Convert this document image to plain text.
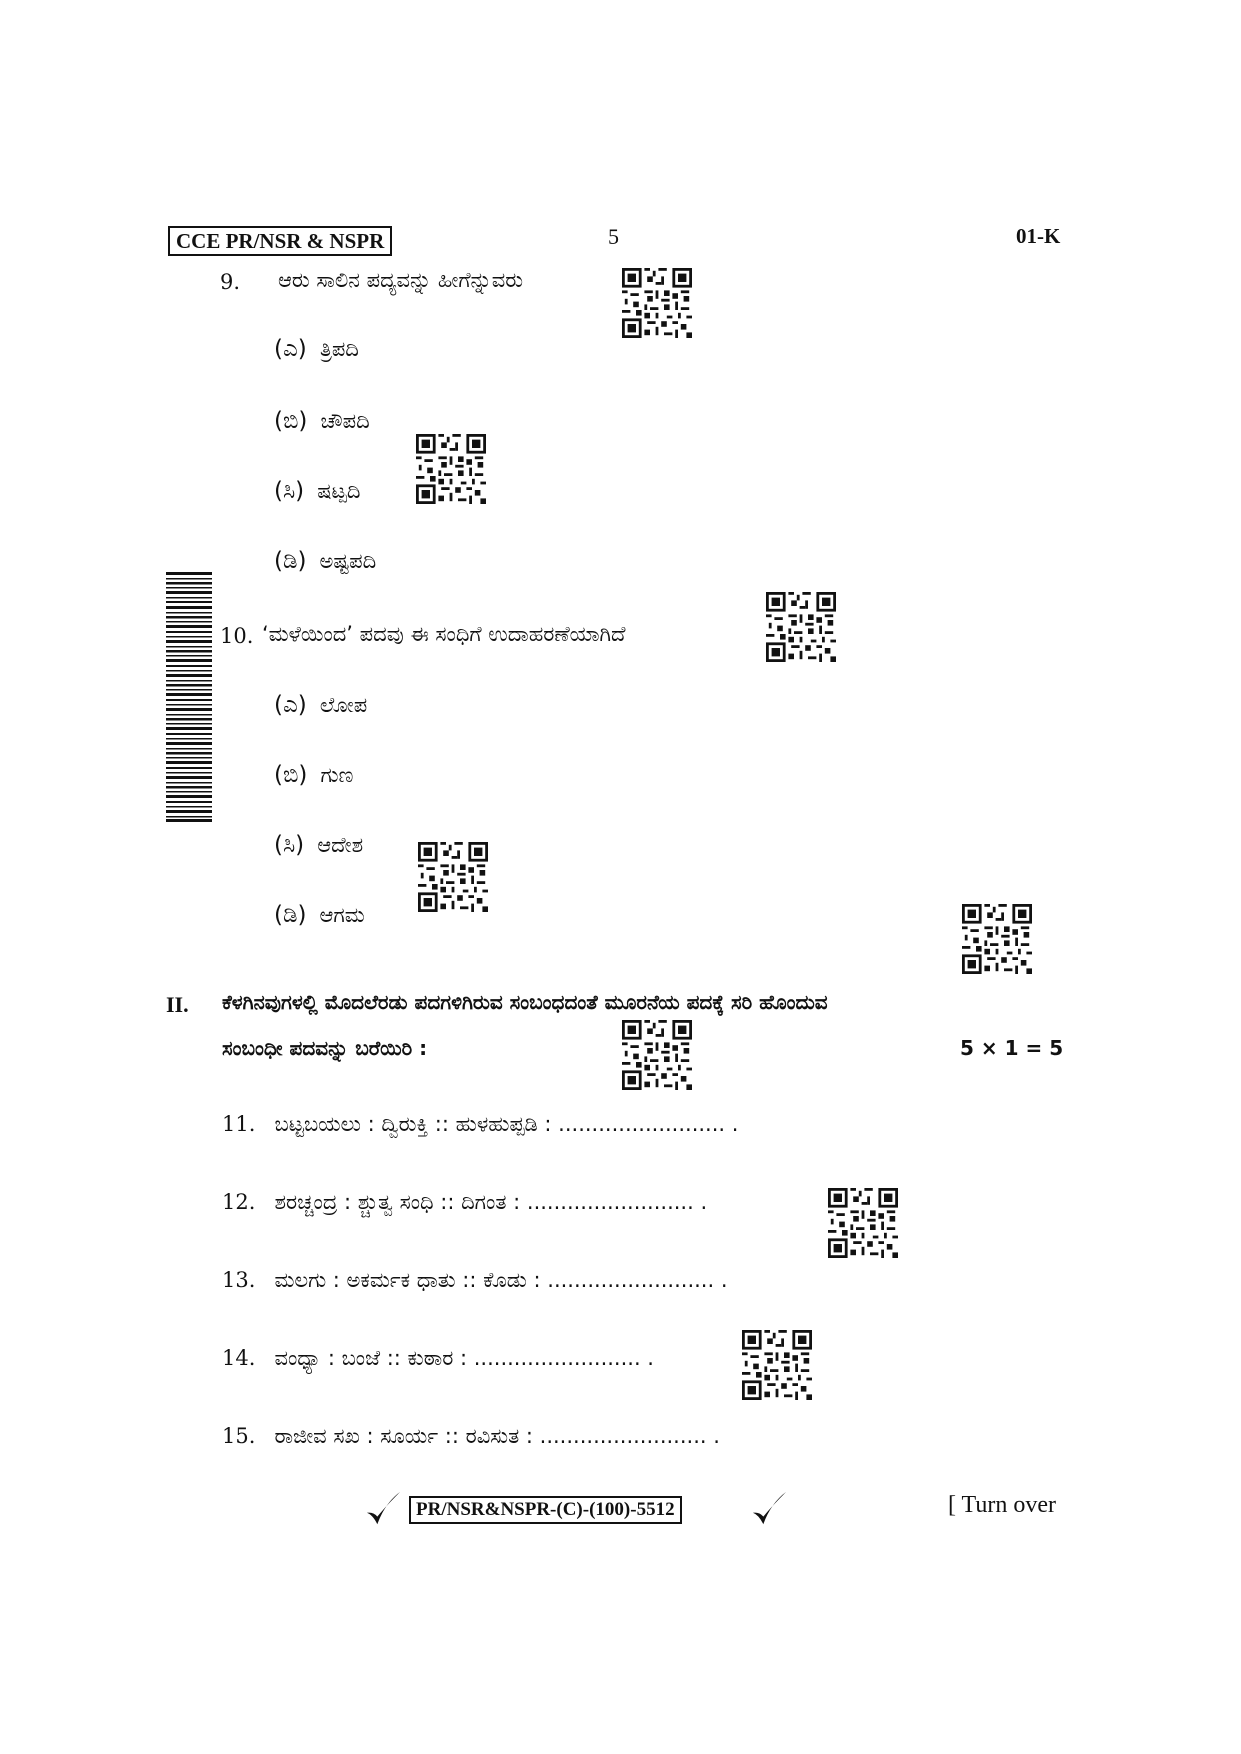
CCE PR/NSR & NSPR	5	01-K
9. ಆರು ಸಾಲಿನ ಪದ್ಯವನ್ನು ಹೀಗೆನ್ನುವರು
(ಎ) ತ್ರಿಪದಿ
(ಬಿ) ಚೌಪದಿ
(ಸಿ) ಷಟ್ಪದಿ
(ಡಿ) ಅಷ್ಟಪದಿ
10. ‘ಮಳೆಯಿಂದ’ ಪದವು ಈ ಸಂಧಿಗೆ ಉದಾಹರಣೆಯಾಗಿದೆ
(ಎ) ಲೋಪ
(ಬಿ) ಗುಣ
(ಸಿ) ಆದೇಶ
(ಡಿ) ಆಗಮ
II. ಕೆಳಗಿನವುಗಳಲ್ಲಿ ಮೊದಲೆರಡು ಪದಗಳಿಗಿರುವ ಸಂಬಂಧದಂತೆ ಮೂರನೆಯ ಪದಕ್ಕೆ ಸರಿ ಹೊಂದುವ
ಸಂಬಂಧೀ ಪದವನ್ನು ಬರೆಯಿರಿ :	5 × 1 = 5
11. ಬಟ್ಟಬಯಲು : ದ್ವಿರುಕ್ತಿ :: ಹುಳಹುಪ್ಪಡಿ : ......................... .
12. ಶರಚ್ಚಂದ್ರ : ಶ್ಚುತ್ವ ಸಂಧಿ :: ದಿಗಂತ : ......................... .
13. ಮಲಗು : ಅಕರ್ಮಕ ಧಾತು :: ಕೊಡು : ......................... .
14. ವಂಧ್ಯಾ : ಬಂಜೆ :: ಕುಠಾರ : ......................... .
15. ರಾಜೀವ ಸಖ : ಸೂರ್ಯ :: ರವಿಸುತ : ......................... .
PR/NSR&NSPR-(C)-(100)-5512	[ Turn over
